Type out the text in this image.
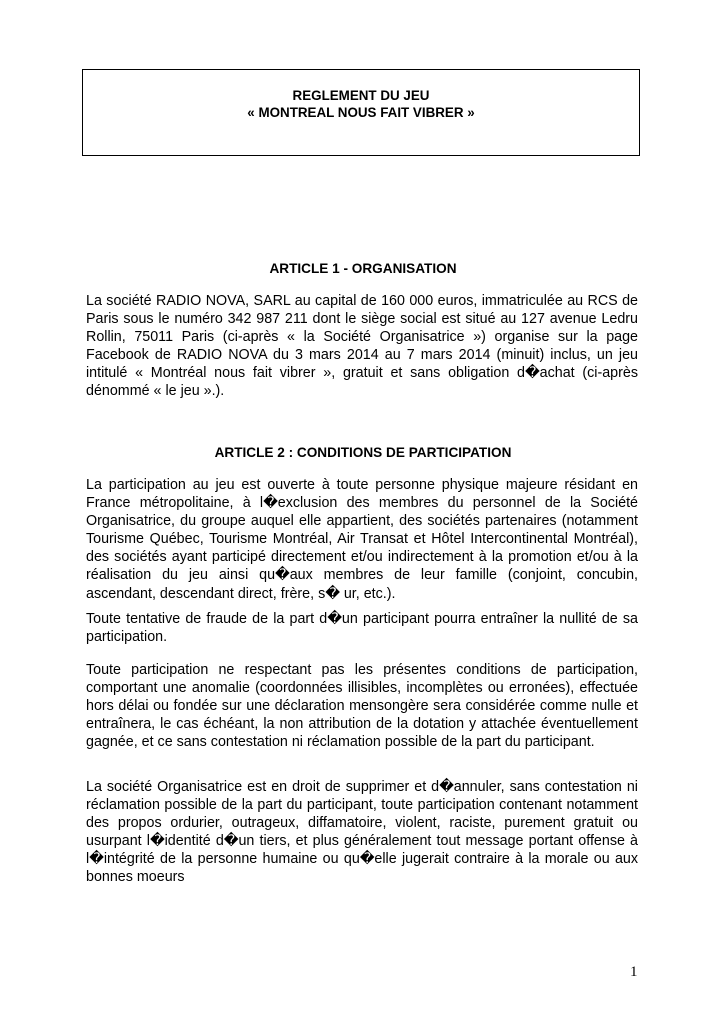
REGLEMENT DU JEU
« MONTREAL NOUS FAIT VIBRER »
ARTICLE 1 - ORGANISATION
La société RADIO NOVA, SARL au capital de 160 000 euros, immatriculée au RCS de Paris sous le numéro 342 987 211 dont le siège social est situé au 127 avenue Ledru Rollin, 75011 Paris (ci-après « la Société Organisatrice ») organise sur la page Facebook de RADIO NOVA du 3 mars 2014 au 7 mars 2014 (minuit) inclus, un jeu intitulé « Montréal nous fait vibrer », gratuit et sans obligation d�achat (ci-après dénommé « le jeu ».).
ARTICLE 2 : CONDITIONS DE PARTICIPATION
La participation au jeu est ouverte à toute personne physique majeure résidant en France métropolitaine, à l�exclusion des membres du personnel de la Société Organisatrice, du groupe auquel elle appartient, des sociétés partenaires (notamment Tourisme Québec, Tourisme Montréal, Air Transat et Hôtel Intercontinental Montréal), des sociétés ayant participé directement et/ou indirectement à la promotion et/ou à la réalisation du jeu ainsi qu�aux membres de leur famille (conjoint, concubin, ascendant, descendant direct, frère, s� ur, etc.).
Toute tentative de fraude de la part d�un participant pourra entraîner la nullité de sa participation.
Toute participation ne respectant pas les présentes conditions de participation, comportant une anomalie (coordonnées illisibles, incomplètes ou erronées), effectuée hors délai ou fondée sur une déclaration mensongère sera considérée comme nulle et entraînera, le cas échéant, la non attribution de la dotation y attachée éventuellement gagnée, et ce sans contestation ni réclamation possible de la part du participant.
La société Organisatrice est en droit de supprimer et d�annuler, sans contestation ni réclamation possible de la part du participant, toute participation contenant notamment des propos ordurier, outrageux, diffamatoire, violent, raciste, purement gratuit ou usurpant l�identité d�un tiers, et plus généralement tout message portant offense à l�intégrité de la personne humaine ou qu�elle jugerait contraire à la morale ou aux bonnes moeurs
1
